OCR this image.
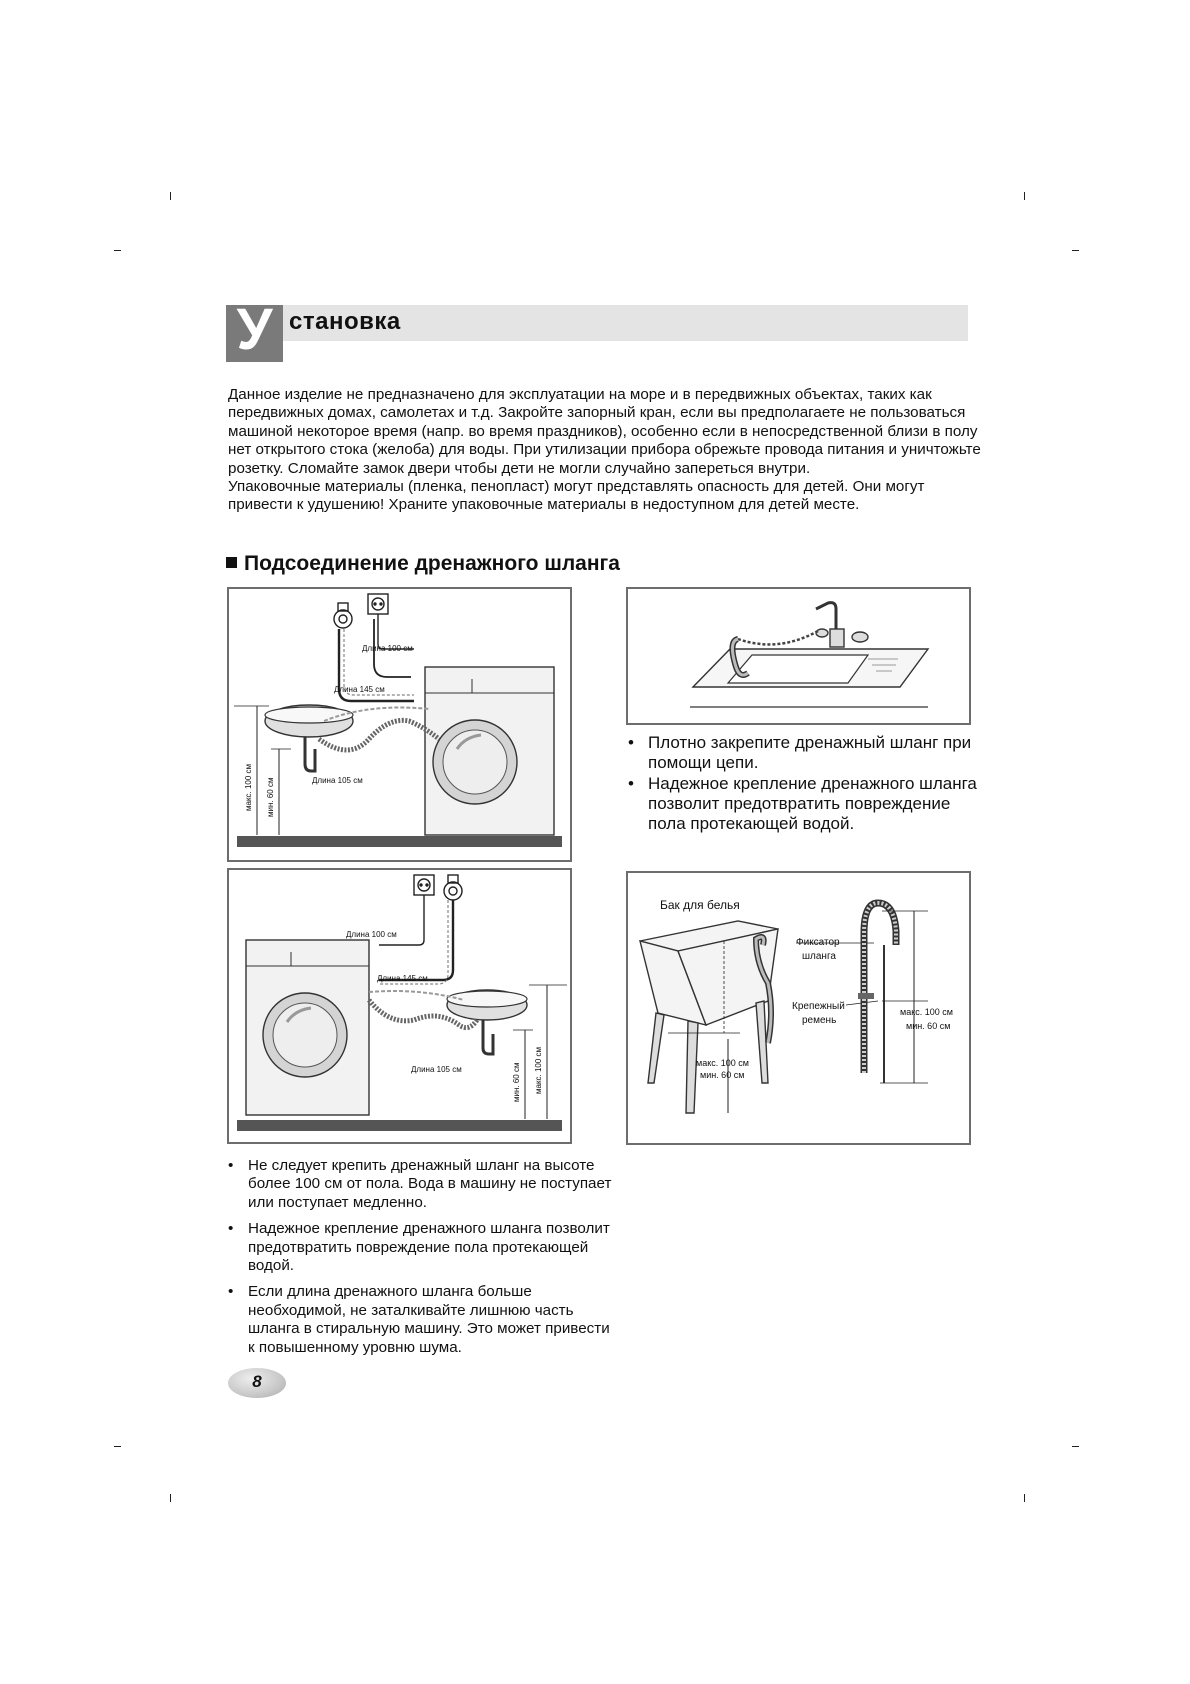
У становка

Данное изделие не предназначено для эксплуатации на море и в передвижных объектах, таких как передвижных домах, самолетах и т.д. Закройте запорный кран, если вы предполагаете не пользоваться машиной некоторое время (напр. во время праздников), особенно если в непосредственной близи в полу нет открытого стока (желоба) для воды. При утилизации прибора обрежьте провода питания и уничтожьте розетку. Сломайте замок двери чтобы дети не могли случайно запереться внутри.

Упаковочные материалы (пленка, пенопласт) могут представлять опасность для детей. Они могут привести к удушению! Храните упаковочные материалы в недоступном для детей месте.

Подсоединение дренажного шланга
Длина 100 см
Длина 145 см
Длина 105 см
макс. 100 см мин. 60 см
Длина 100 см
Длина 145 см
Длина 105 см	мин. 60 см макс. 100 см
• Плотно закрепите дренажный шланг при помощи цепи.
• Надежное крепление дренажного шланга позволит предотвратить повреждение пола протекающей водой.
Бак для белья
макс. 100 см
мин. 60 см
Фиксатор
шланга
Крепежный
ремень
макс. 100 см
мин. 60 см
• Не следует крепить дренажный шланг на высоте более 100 см от пола. Вода в машину не поступает или поступает медленно.
• Надежное крепление дренажного шланга позволит предотвратить повреждение пола протекающей водой.
• Если длина дренажного шланга больше необходимой, не заталкивайте лишнюю часть шланга в стиральную машину. Это может привести к повышенному уровню шума.
8
